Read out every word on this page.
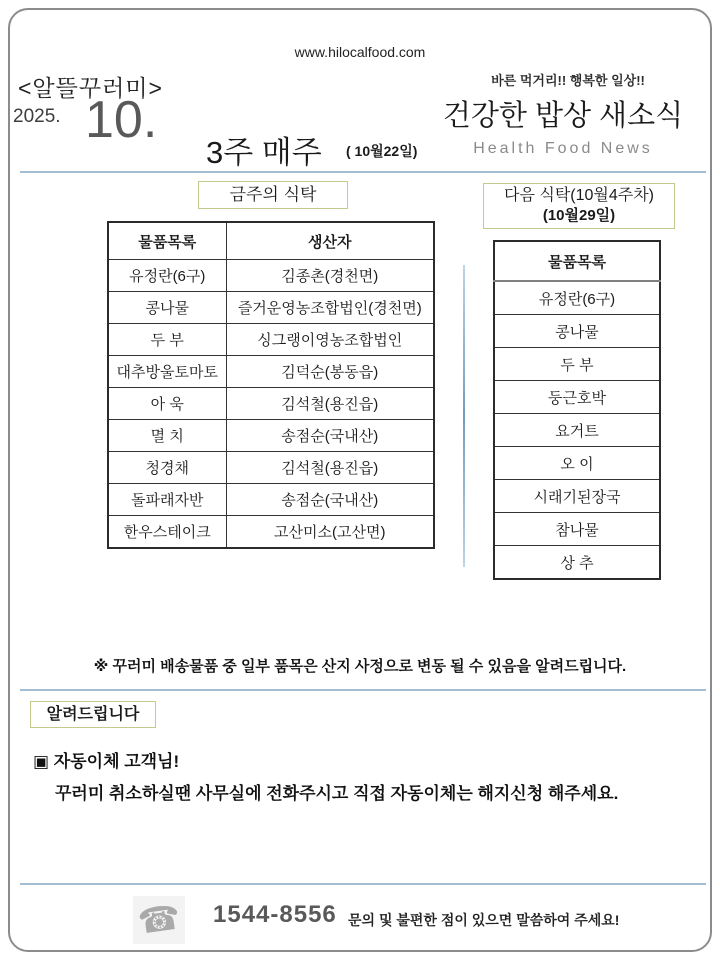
www.hilocalfood.com
<알뜰꾸러미>
2025. 10.
3주 매주 ( 10월22일)
바른 먹거리!! 행복한 일상!!
건강한 밥상 새소식
Health Food News
금주의 식탁
물품목록	생산자
유정란(6구)	김종촌(경천면)
콩나물	즐거운영농조합법인(경천면)
두 부	싱그랭이영농조합법인
대추방울토마토	김덕순(봉동읍)
아 욱	김석철(용진읍)
멸 치	송점순(국내산)
청경채	김석철(용진읍)
돌파래자반	송점순(국내산)
한우스테이크	고산미소(고산면)
다음 식탁(10월4주차)
(10월29일)
물품목록
유정란(6구)
콩나물
두 부
둥근호박
요거트
오 이
시래기된장국
참나물
상 추
※ 꾸러미 배송물품 중 일부 품목은 산지 사정으로 변동 될 수 있음을 알려드립니다.
알려드립니다
▣ 자동이체 고객님!
꾸러미 취소하실땐 사무실에 전화주시고 직접 자동이체는 해지신청 해주세요.
☎ 1544-8556 문의 및 불편한 점이 있으면 말씀하여 주세요!
